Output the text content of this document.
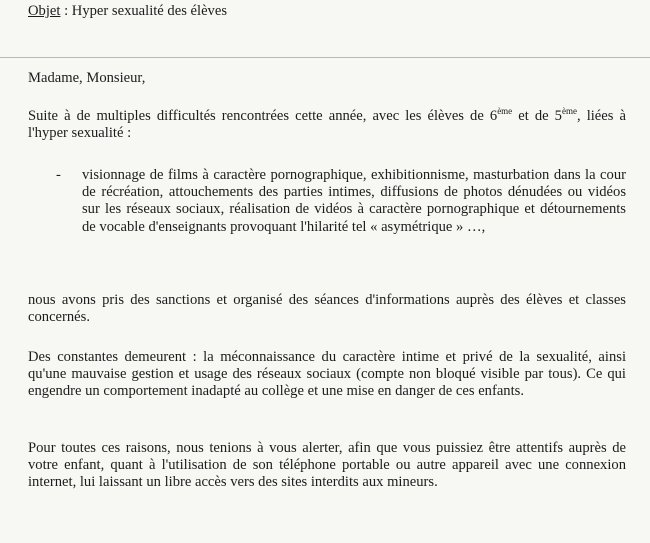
Objet : Hyper sexualité des élèves
Madame, Monsieur,

Suite à de multiples difficultés rencontrées cette année, avec les élèves de 6ème et de 5ème, liées à l'hyper sexualité :

- visionnage de films à caractère pornographique, exhibitionnisme, masturbation dans la cour de récréation, attouchements des parties intimes, diffusions de photos dénudées ou vidéos sur les réseaux sociaux, réalisation de vidéos à caractère pornographique et détournements de vocable d'enseignants provoquant l'hilarité tel « asymétrique » …,

nous avons pris des sanctions et organisé des séances d'informations auprès des élèves et classes concernés.

Des constantes demeurent : la méconnaissance du caractère intime et privé de la sexualité, ainsi qu'une mauvaise gestion et usage des réseaux sociaux (compte non bloqué visible par tous). Ce qui engendre un comportement inadapté au collège et une mise en danger de ces enfants.

Pour toutes ces raisons, nous tenions à vous alerter, afin que vous puissiez être attentifs auprès de votre enfant, quant à l'utilisation de son téléphone portable ou autre appareil avec une connexion internet, lui laissant un libre accès vers des sites interdits aux mineurs.
